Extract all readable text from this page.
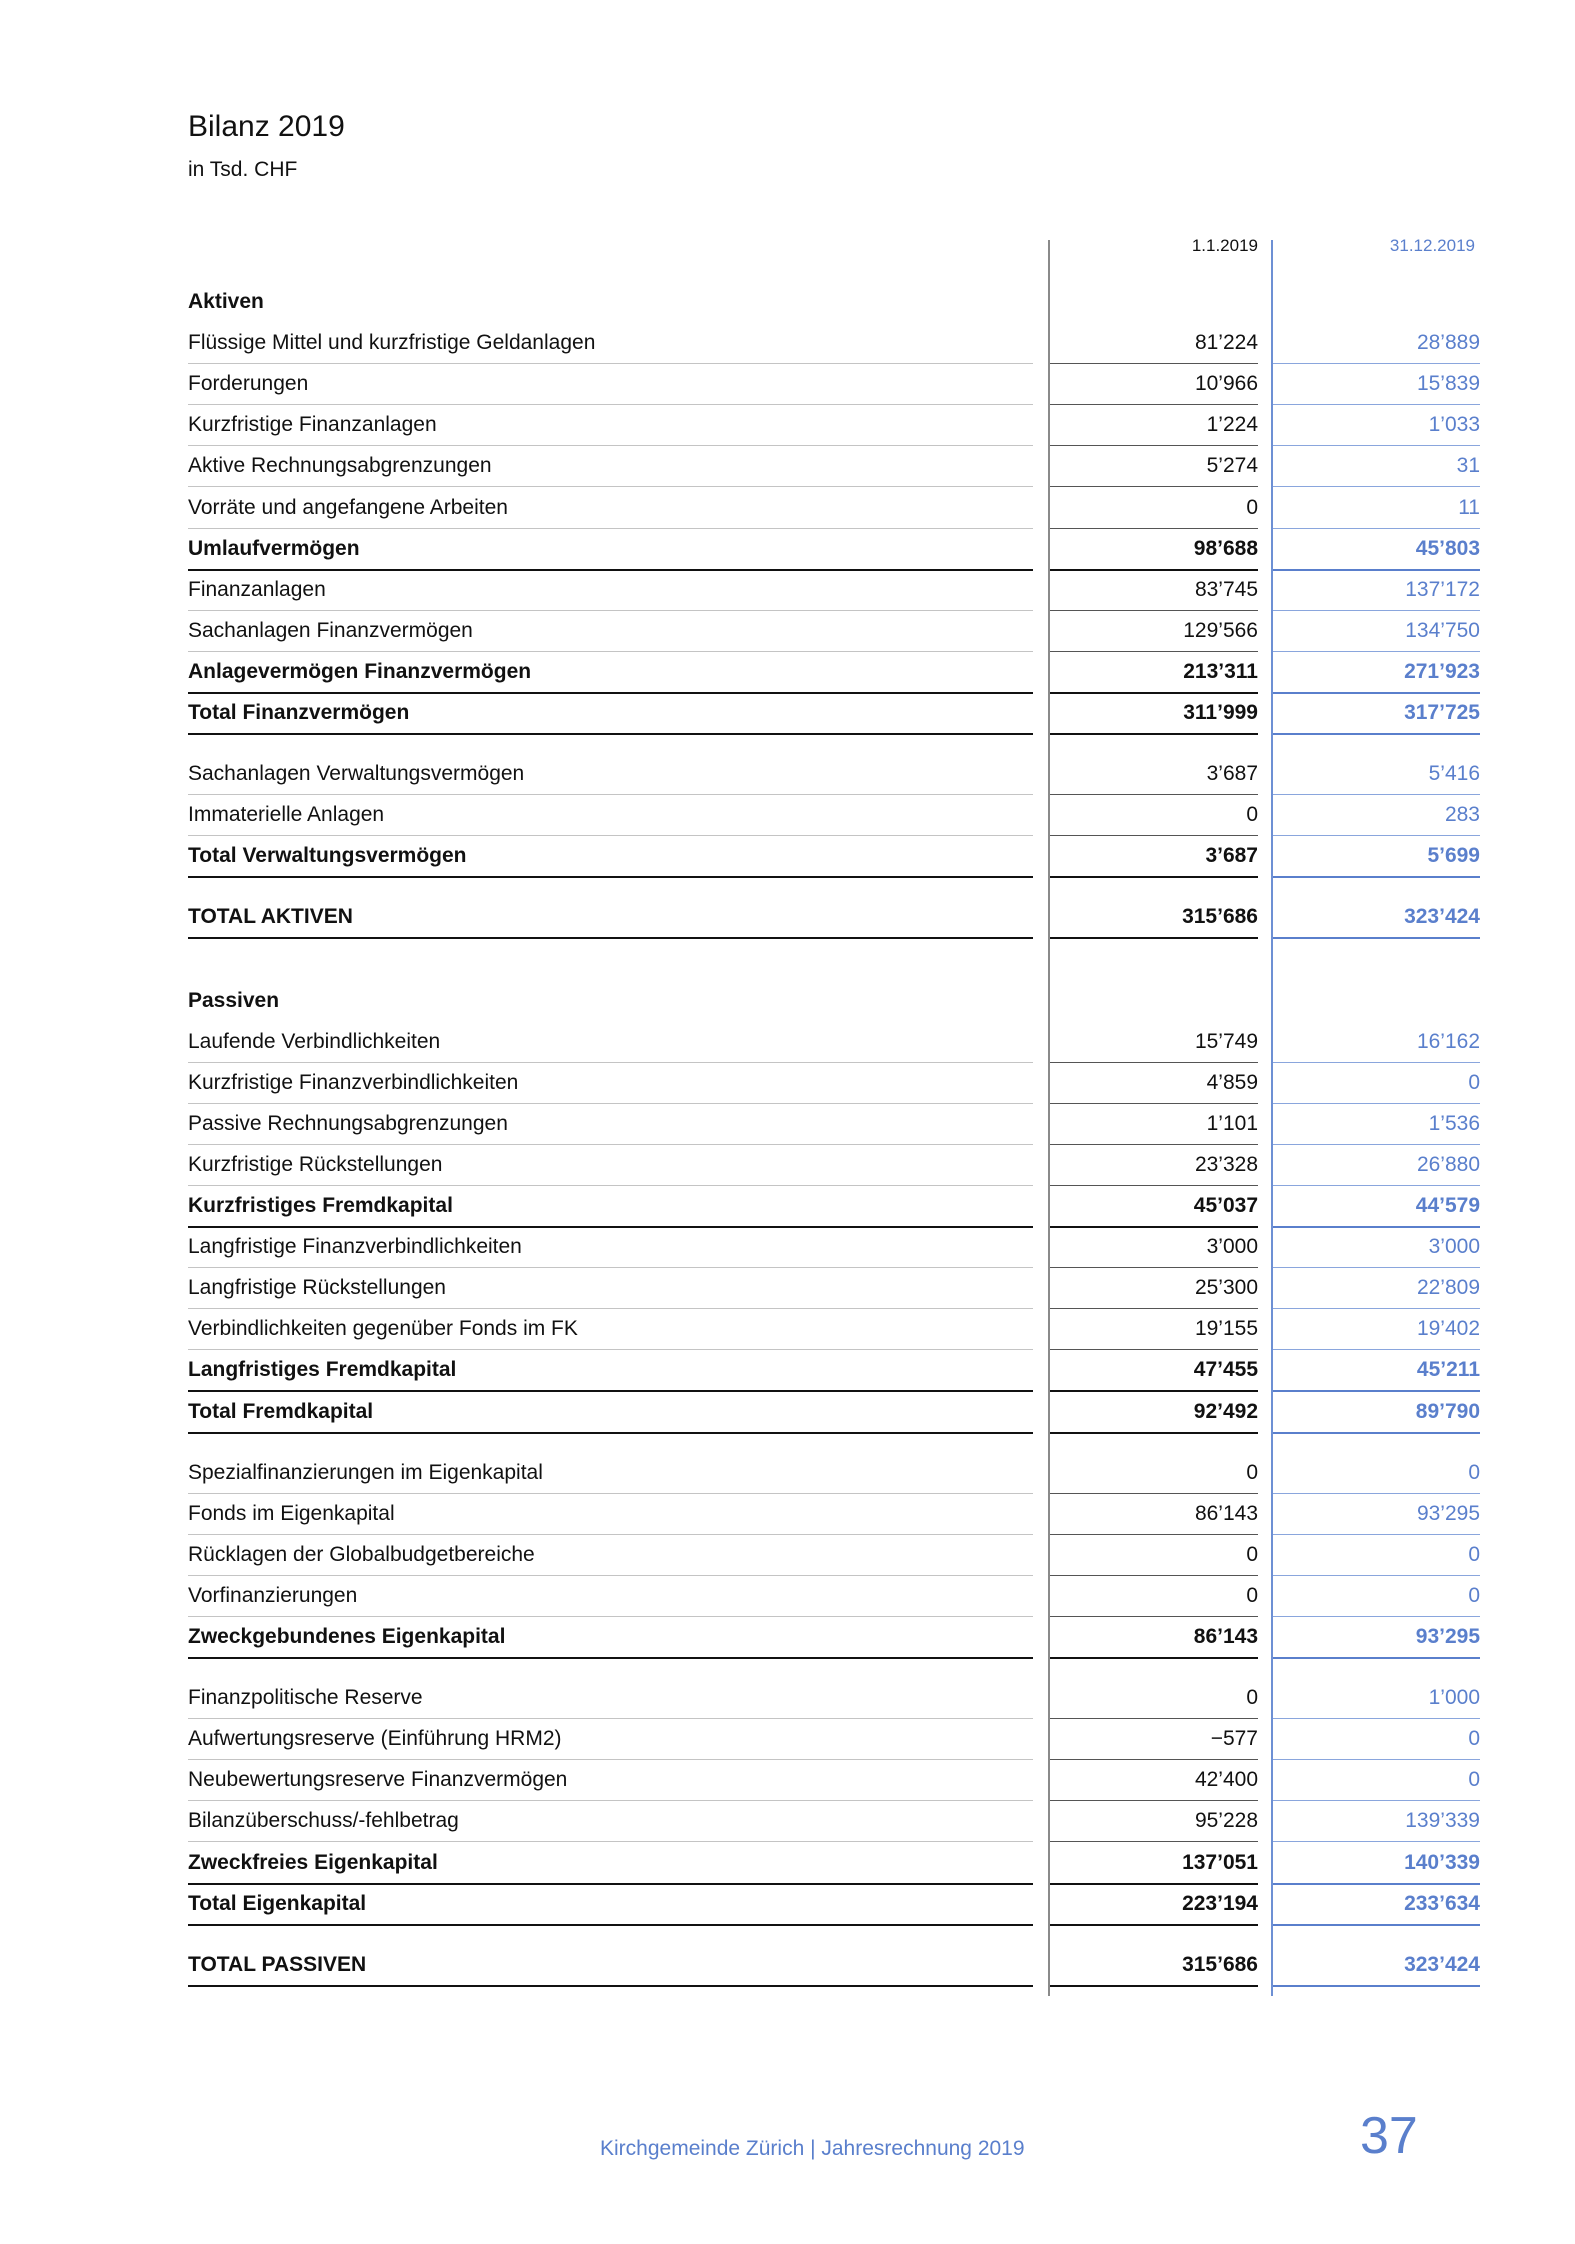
Bilanz 2019

in Tsd. CHF

1.1.2019	31.12.2019
Aktiven
Flüssige Mittel und kurzfristige Geldanlagen	81’224	28’889
Forderungen	10’966	15’839
Kurzfristige Finanzanlagen	1’224	1’033
Aktive Rechnungsabgrenzungen	5’274	31
Vorräte und angefangene Arbeiten	0	11
Umlaufvermögen	98’688	45’803
Finanzanlagen	83’745	137’172
Sachanlagen Finanzvermögen	129’566	134’750
Anlagevermögen Finanzvermögen	213’311	271’923
Total Finanzvermögen	311’999	317’725
Sachanlagen Verwaltungsvermögen	3’687	5’416
Immaterielle Anlagen	0	283
Total Verwaltungsvermögen	3’687	5’699
TOTAL AKTIVEN	315’686	323’424
Passiven
Laufende Verbindlichkeiten	15’749	16’162
Kurzfristige Finanzverbindlichkeiten	4’859	0
Passive Rechnungsabgrenzungen	1’101	1’536
Kurzfristige Rückstellungen	23’328	26’880
Kurzfristiges Fremdkapital	45’037	44’579
Langfristige Finanzverbindlichkeiten	3’000	3’000
Langfristige Rückstellungen	25’300	22’809
Verbindlichkeiten gegenüber Fonds im FK	19’155	19’402
Langfristiges Fremdkapital	47’455	45’211
Total Fremdkapital	92’492	89’790
Spezialfinanzierungen im Eigenkapital	0	0
Fonds im Eigenkapital	86’143	93’295
Rücklagen der Globalbudgetbereiche	0	0
Vorfinanzierungen	0	0
Zweckgebundenes Eigenkapital	86’143	93’295
Finanzpolitische Reserve	0	1’000
Aufwertungsreserve (Einführung HRM2)	−577	0
Neubewertungsreserve Finanzvermögen	42’400	0
Bilanzüberschuss/-fehlbetrag	95’228	139’339
Zweckfreies Eigenkapital	137’051	140’339
Total Eigenkapital	223’194	233’634
TOTAL PASSIVEN	315’686	323’424
Kirchgemeinde Zürich | Jahresrechnung 2019	37
